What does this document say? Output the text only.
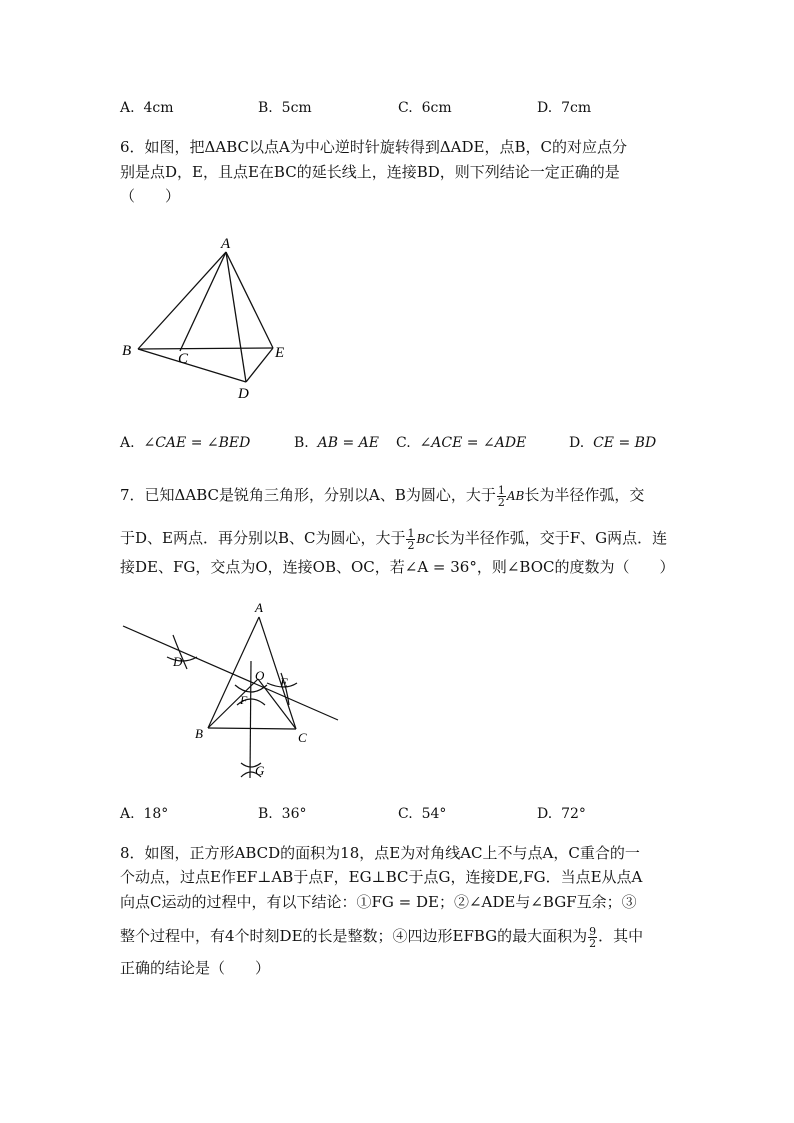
A. 4cm	B. 5cm	C. 6cm	D. 7cm
6．如图，把ΔABC以点A为中心逆时针旋转得到ΔADE，点B，C的对应点分
别是点D，E，且点E在BC的延长线上，连接BD，则下列结论一定正确的是
（　　）
A
B	C
D
E
A. ∠CAE = ∠BED	B. AB = AE C. ∠ACE = ∠ADE	D. CE = BD
7．已知ΔABC是锐角三角形，分别以A、B为圆心，大于 $\frac{1}{2}$ AB长为半径作弧，交
于D、E两点．再分别以B、C为圆心，大于 $\frac{1}{2}$ BC长为半径作弧，交于F、G两点．连
接DE、FG，交点为O，连接OB、OC，若∠A = 36°，则∠BOC的度数为（　　）
A
B	C
D
E
F
G
O
A. 18°	B. 36°	C. 54°	D. 72°
8．如图，正方形ABCD的面积为18，点E为对角线AC上不与点A，C重合的一
个动点，过点E作EF⊥AB于点F，EG⊥BC于点G，连接DE,FG．当点E从点A
向点C运动的过程中，有以下结论：①FG = DE；②∠ADE与∠BGF互余；③
整个过程中，有4个时刻DE的长是整数；④四边形EFBG的最大面积为 $\frac{9}{2}$ ．其中
正确的结论是（　　）
